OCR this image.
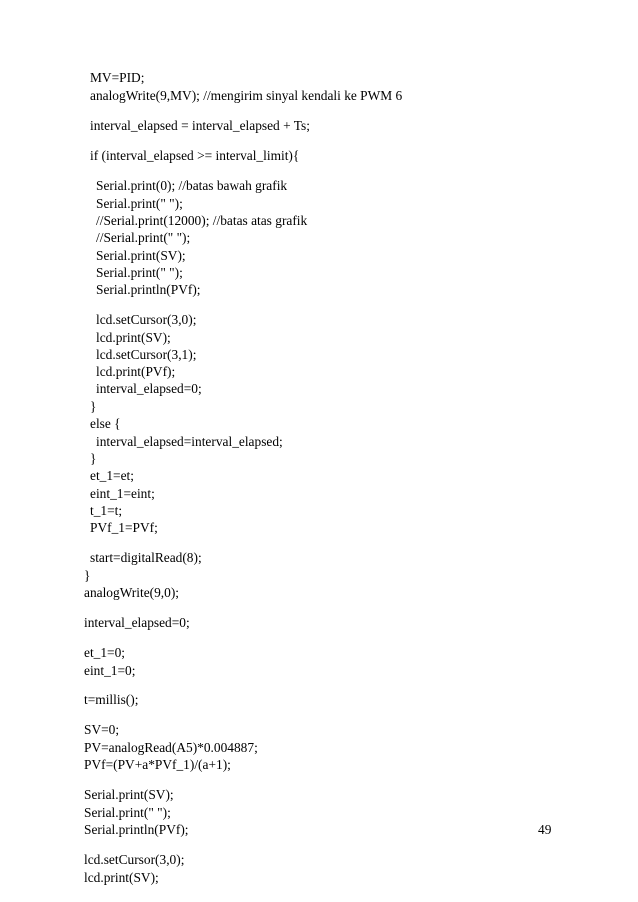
MV=PID;
analogWrite(9,MV); //mengirim sinyal kendali ke PWM 6
interval_elapsed = interval_elapsed + Ts;
if (interval_elapsed >= interval_limit){
Serial.print(0); //batas bawah grafik
Serial.print(" ");
//Serial.print(12000); //batas atas grafik
//Serial.print(" ");
Serial.print(SV);
Serial.print(" ");
Serial.println(PVf);
lcd.setCursor(3,0);
lcd.print(SV);
lcd.setCursor(3,1);
lcd.print(PVf);
interval_elapsed=0;
}
else {
interval_elapsed=interval_elapsed;
}
et_1=et;
eint_1=eint;
t_1=t;
PVf_1=PVf;
start=digitalRead(8);
}
analogWrite(9,0);
interval_elapsed=0;
et_1=0;
eint_1=0;
t=millis();
SV=0;
PV=analogRead(A5)*0.004887;
PVf=(PV+a*PVf_1)/(a+1);
Serial.print(SV);
Serial.print(" ");
Serial.println(PVf);
lcd.setCursor(3,0);
lcd.print(SV);
49
